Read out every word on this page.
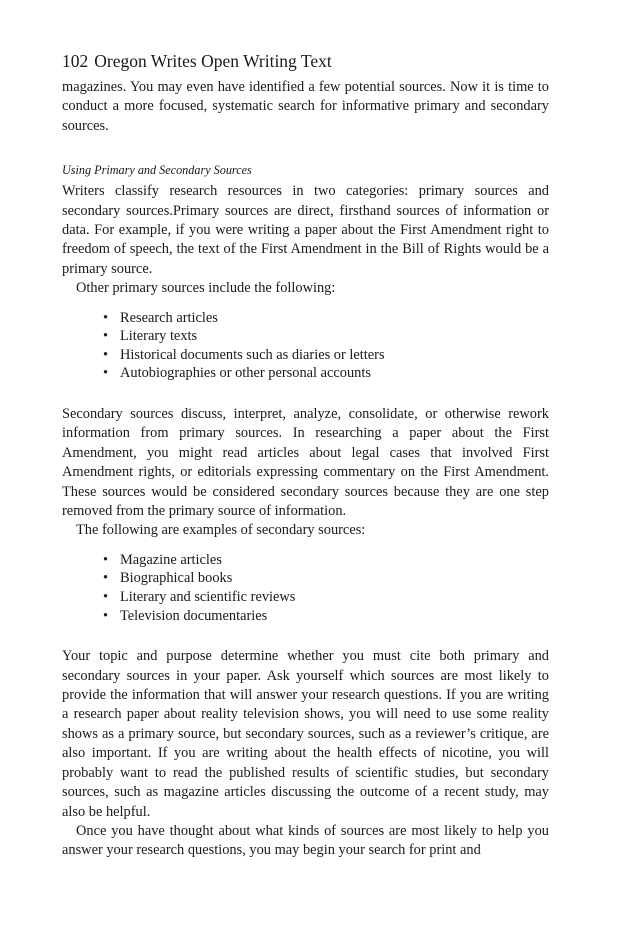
102 Oregon Writes Open Writing Text

magazines. You may even have identified a few potential sources. Now it is time to conduct a more focused, systematic search for informative primary and secondary sources.

Using Primary and Secondary Sources

Writers classify research resources in two categories: primary sources and secondary sources.Primary sources are direct, firsthand sources of information or data. For example, if you were writing a paper about the First Amendment right to freedom of speech, the text of the First Amendment in the Bill of Rights would be a primary source.

Other primary sources include the following:

• Research articles
• Literary texts
• Historical documents such as diaries or letters
• Autobiographies or other personal accounts

Secondary sources discuss, interpret, analyze, consolidate, or otherwise rework information from primary sources. In researching a paper about the First Amendment, you might read articles about legal cases that involved First Amendment rights, or editorials expressing commentary on the First Amendment. These sources would be considered secondary sources because they are one step removed from the primary source of information.

The following are examples of secondary sources:

• Magazine articles
• Biographical books
• Literary and scientific reviews
• Television documentaries

Your topic and purpose determine whether you must cite both primary and secondary sources in your paper. Ask yourself which sources are most likely to provide the information that will answer your research questions. If you are writing a research paper about reality television shows, you will need to use some reality shows as a primary source, but secondary sources, such as a reviewer’s critique, are also important. If you are writing about the health effects of nicotine, you will probably want to read the published results of scientific studies, but secondary sources, such as magazine articles discussing the outcome of a recent study, may also be helpful.

Once you have thought about what kinds of sources are most likely to help you answer your research questions, you may begin your search for print and
